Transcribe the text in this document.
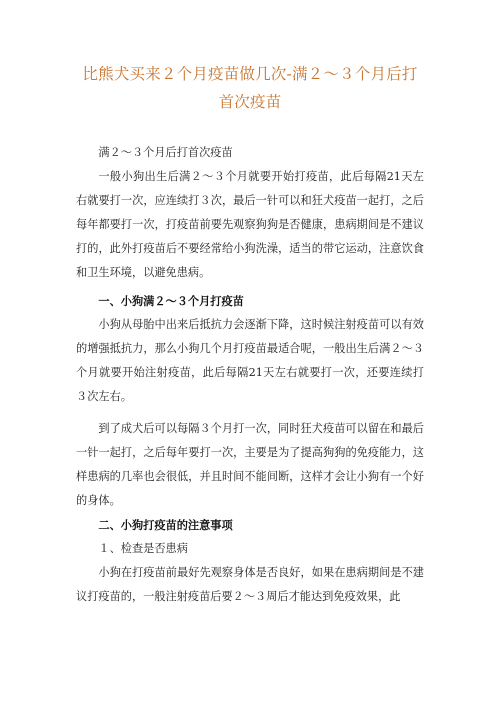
比熊犬买来２个月疫苗做几次-满２～３个月后打首次疫苗

满２～３个月后打首次疫苗

一般小狗出生后满２～３个月就要开始打疫苗，此后每隔21天左右就要打一次，应连续打３次，最后一针可以和狂犬疫苗一起打，之后每年都要打一次，打疫苗前要先观察狗狗是否健康，患病期间是不建议打的，此外打疫苗后不要经常给小狗洗澡，适当的带它运动，注意饮食和卫生环境，以避免患病。

一、小狗满２～３个月打疫苗

小狗从母胎中出来后抵抗力会逐渐下降，这时候注射疫苗可以有效的增强抵抗力，那么小狗几个月打疫苗最适合呢，一般出生后满２～３个月就要开始注射疫苗，此后每隔21天左右就要打一次，还要连续打３次左右。

到了成犬后可以每隔３个月打一次，同时狂犬疫苗可以留在和最后一针一起打，之后每年要打一次，主要是为了提高狗狗的免疫能力，这样患病的几率也会很低，并且时间不能间断，这样才会让小狗有一个好的身体。

二、小狗打疫苗的注意事项

１、检查是否患病

小狗在打疫苗前最好先观察身体是否良好，如果在患病期间是不建议打疫苗的，一般注射疫苗后要２～３周后才能达到免疫效果，此
